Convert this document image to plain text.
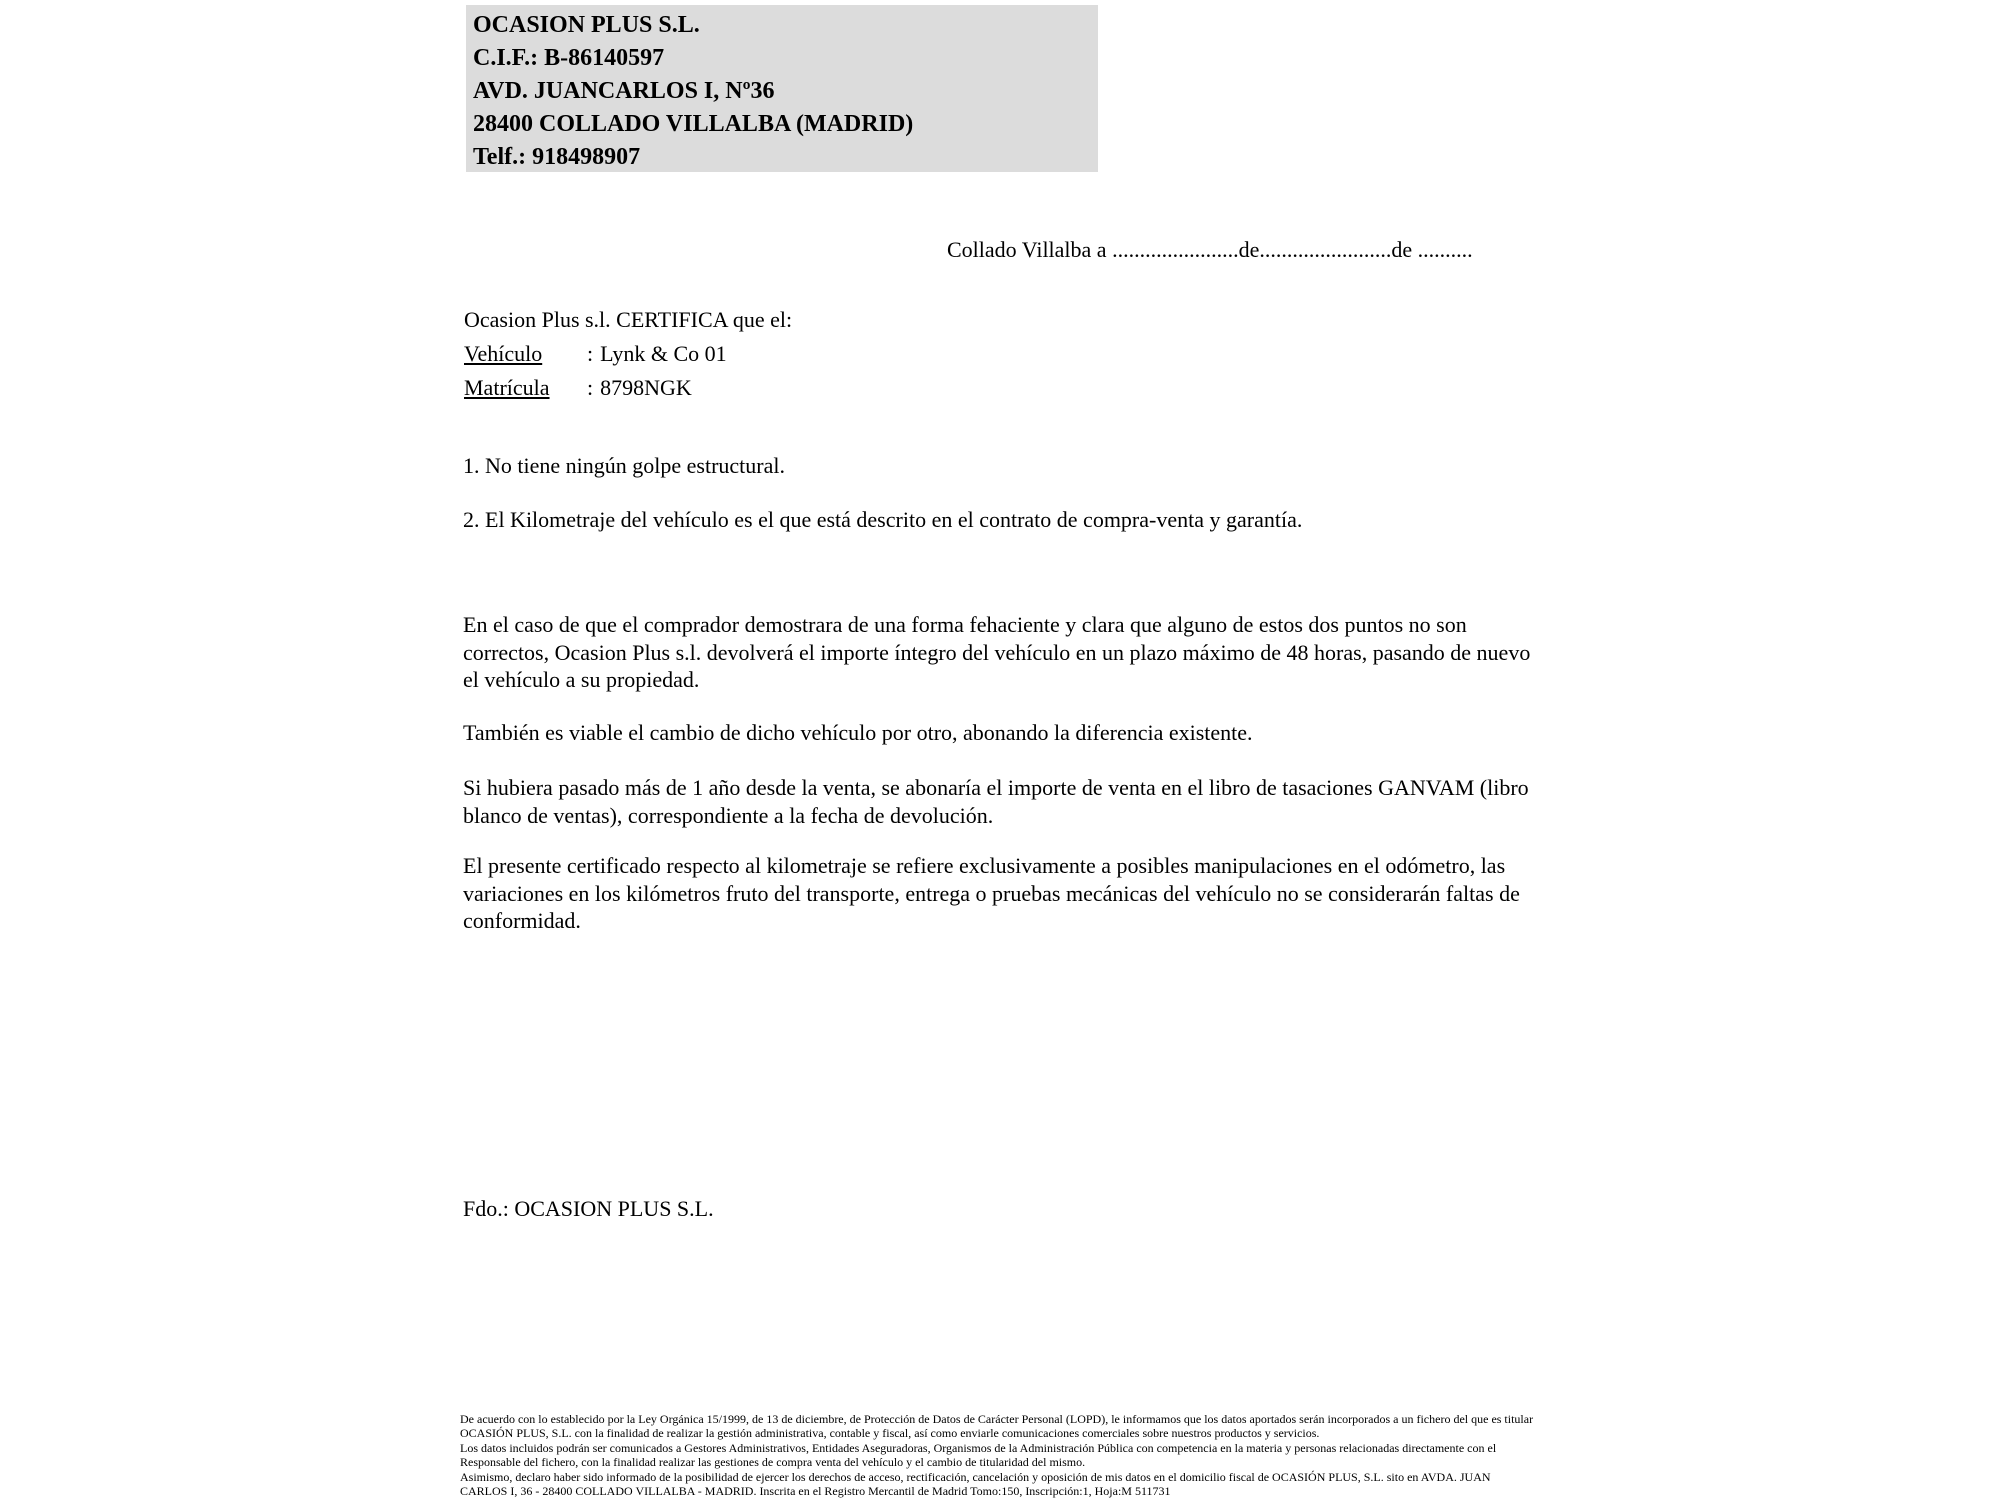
OCASION PLUS S.L.
C.I.F.: B-86140597
AVD. JUANCARLOS I, Nº36
28400 COLLADO VILLALBA (MADRID)
Telf.: 918498907
Collado Villalba a .......................de........................de ..........
Ocasion Plus s.l. CERTIFICA que el:
Vehículo	: Lynk & Co 01
Matrícula	: 8798NGK
1. No tiene ningún golpe estructural.
2. El Kilometraje del vehículo es el que está descrito en el contrato de compra-venta y garantía.
En el caso de que el comprador demostrara de una forma fehaciente y clara que alguno de estos dos puntos no son correctos, Ocasion Plus s.l. devolverá el importe íntegro del vehículo en un plazo máximo de 48 horas, pasando de nuevo el vehículo a su propiedad.
También es viable el cambio de dicho vehículo por otro, abonando la diferencia existente.
Si hubiera pasado más de 1 año desde la venta, se abonaría el importe de venta en el libro de tasaciones GANVAM (libro blanco de ventas), correspondiente a la fecha de devolución.
El presente certificado respecto al kilometraje se refiere exclusivamente a posibles manipulaciones en el odómetro, las variaciones en los kilómetros fruto del transporte, entrega o pruebas mecánicas del vehículo no se considerarán faltas de conformidad.
Fdo.: OCASION PLUS S.L.
De acuerdo con lo establecido por la Ley Orgánica 15/1999, de 13 de diciembre, de Protección de Datos de Carácter Personal (LOPD), le informamos que los datos aportados serán incorporados a un fichero del que es titular
OCASIÓN PLUS, S.L. con la finalidad de realizar la gestión administrativa, contable y fiscal, así como enviarle comunicaciones comerciales sobre nuestros productos y servicios.
Los datos incluidos podrán ser comunicados a Gestores Administrativos, Entidades Aseguradoras, Organismos de la Administración Pública con competencia en la materia y personas relacionadas directamente con el
Responsable del fichero, con la finalidad realizar las gestiones de compra venta del vehículo y el cambio de titularidad del mismo.
Asimismo, declaro haber sido informado de la posibilidad de ejercer los derechos de acceso, rectificación, cancelación y oposición de mis datos en el domicilio fiscal de OCASIÓN PLUS, S.L. sito en AVDA. JUAN
CARLOS I, 36 - 28400 COLLADO VILLALBA - MADRID. Inscrita en el Registro Mercantil de Madrid Tomo:150, Inscripción:1, Hoja:M 511731
